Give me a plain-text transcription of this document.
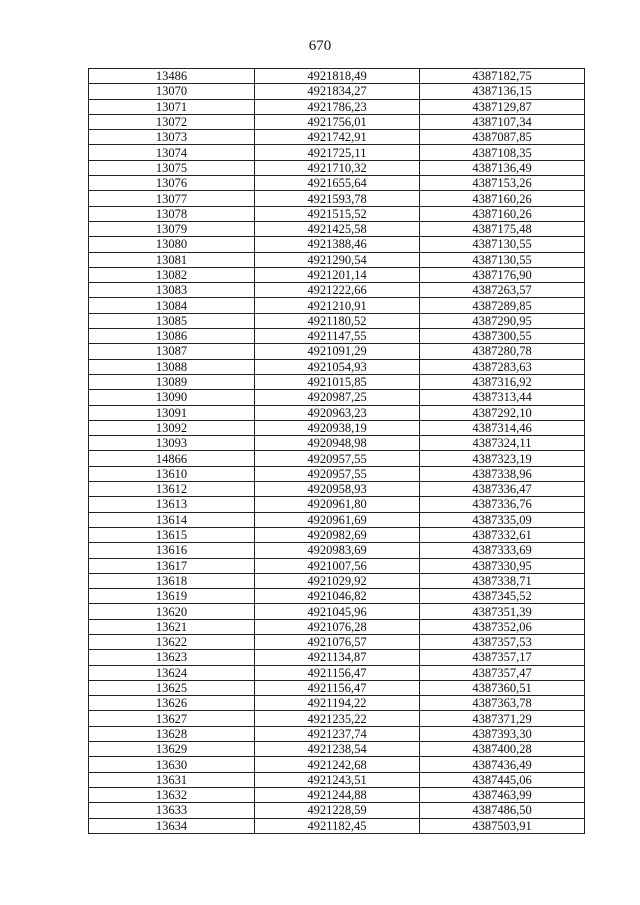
670
13486	4921818,49	4387182,75
13070	4921834,27	4387136,15
13071	4921786,23	4387129,87
13072	4921756,01	4387107,34
13073	4921742,91	4387087,85
13074	4921725,11	4387108,35
13075	4921710,32	4387136,49
13076	4921655,64	4387153,26
13077	4921593,78	4387160,26
13078	4921515,52	4387160,26
13079	4921425,58	4387175,48
13080	4921388,46	4387130,55
13081	4921290,54	4387130,55
13082	4921201,14	4387176,90
13083	4921222,66	4387263,57
13084	4921210,91	4387289,85
13085	4921180,52	4387290,95
13086	4921147,55	4387300,55
13087	4921091,29	4387280,78
13088	4921054,93	4387283,63
13089	4921015,85	4387316,92
13090	4920987,25	4387313,44
13091	4920963,23	4387292,10
13092	4920938,19	4387314,46
13093	4920948,98	4387324,11
14866	4920957,55	4387323,19
13610	4920957,55	4387338,96
13612	4920958,93	4387336,47
13613	4920961,80	4387336,76
13614	4920961,69	4387335,09
13615	4920982,69	4387332,61
13616	4920983,69	4387333,69
13617	4921007,56	4387330,95
13618	4921029,92	4387338,71
13619	4921046,82	4387345,52
13620	4921045,96	4387351,39
13621	4921076,28	4387352,06
13622	4921076,57	4387357,53
13623	4921134,87	4387357,17
13624	4921156,47	4387357,47
13625	4921156,47	4387360,51
13626	4921194,22	4387363,78
13627	4921235,22	4387371,29
13628	4921237,74	4387393,30
13629	4921238,54	4387400,28
13630	4921242,68	4387436,49
13631	4921243,51	4387445,06
13632	4921244,88	4387463,99
13633	4921228,59	4387486,50
13634	4921182,45	4387503,91
